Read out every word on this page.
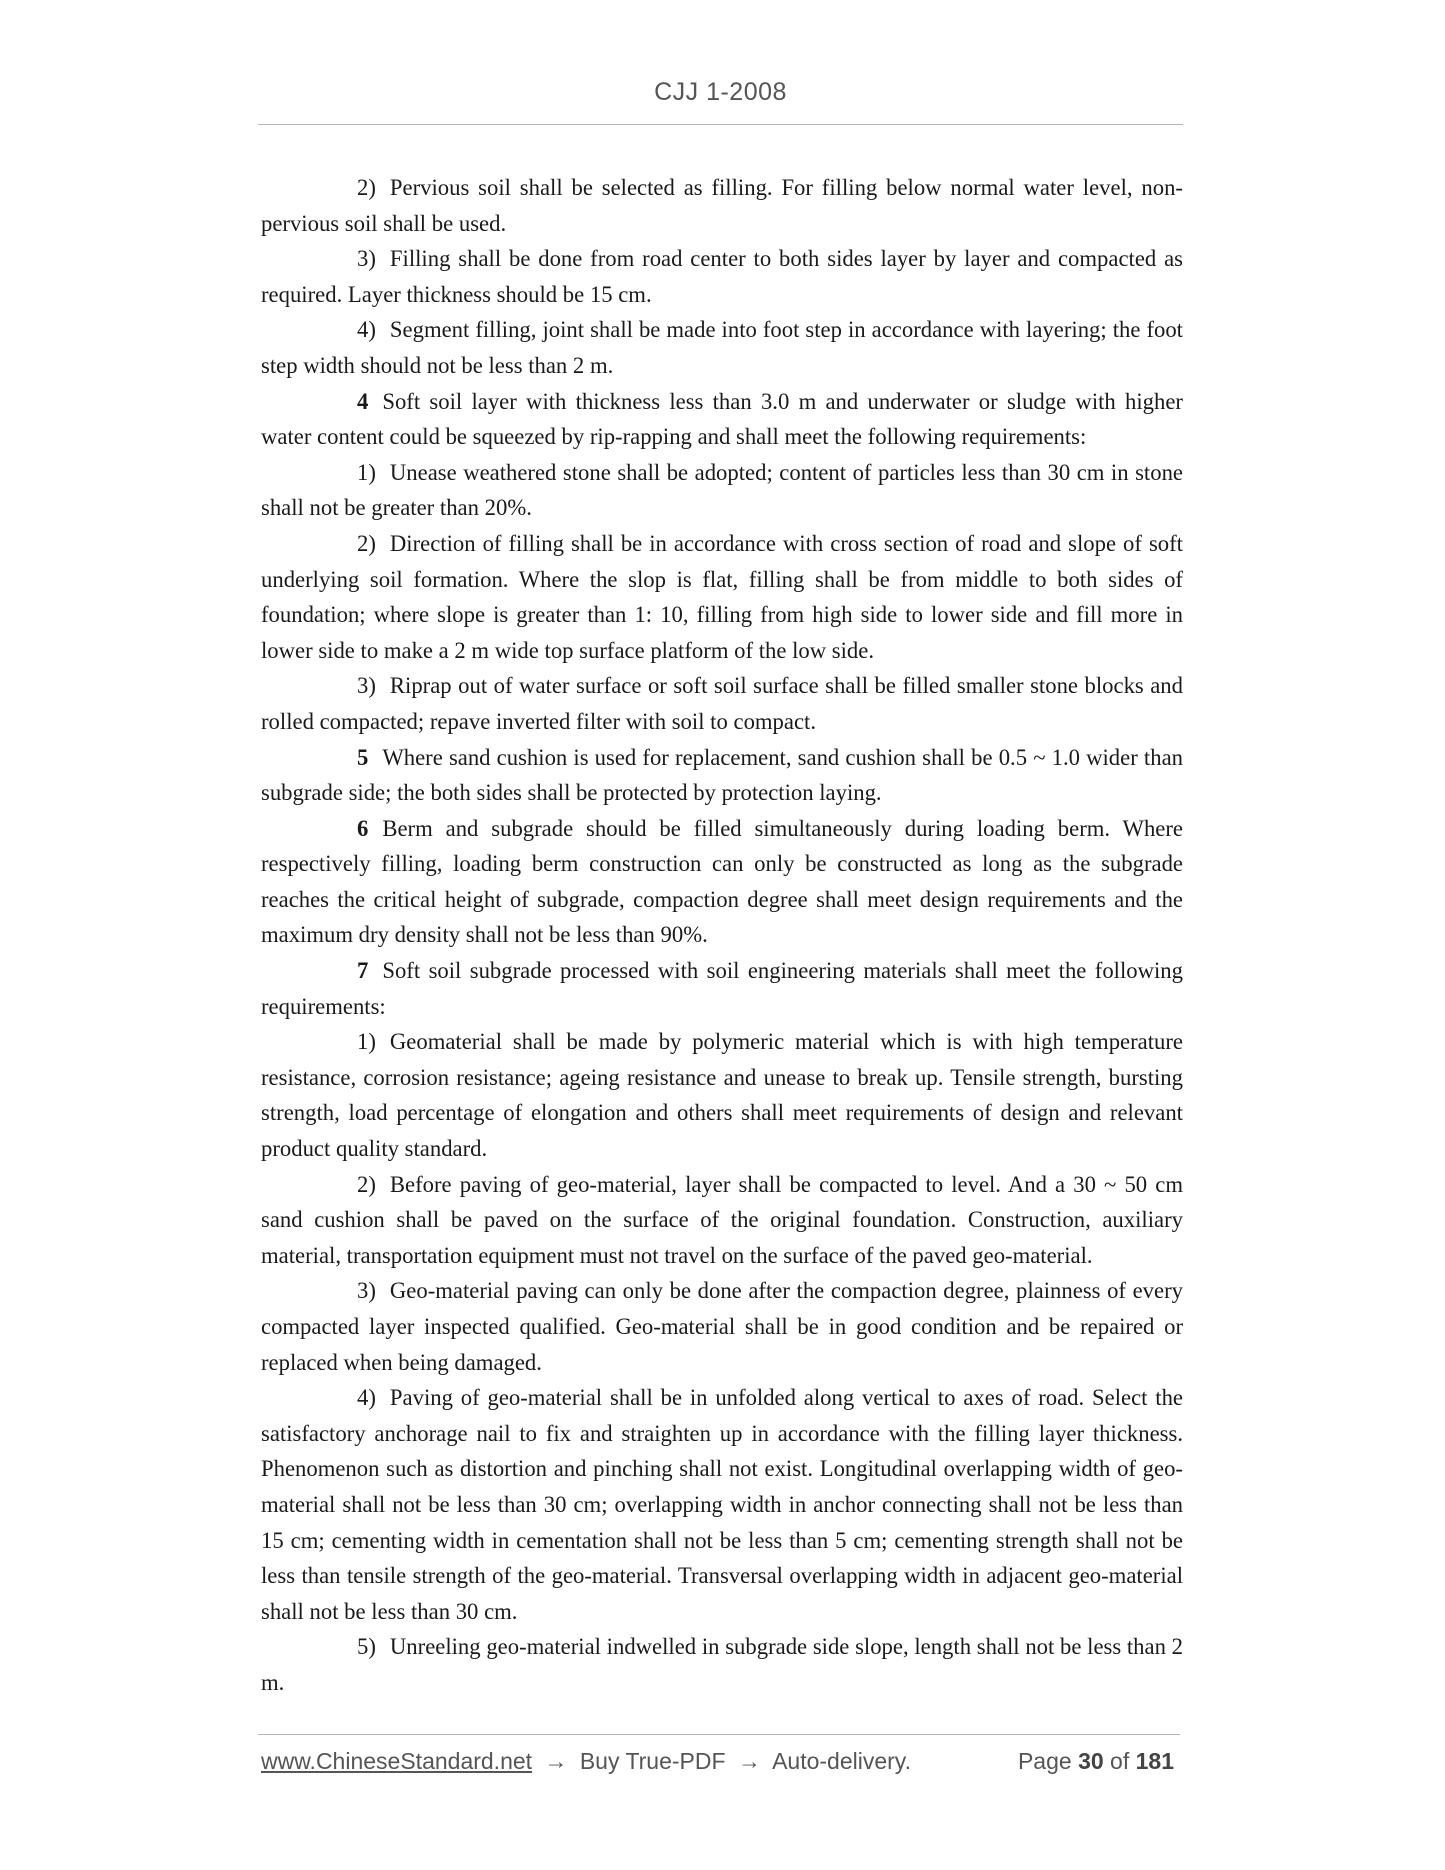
CJJ 1-2008

2) Pervious soil shall be selected as filling. For filling below normal water level, non-pervious soil shall be used.

3) Filling shall be done from road center to both sides layer by layer and compacted as required. Layer thickness should be 15 cm.

4) Segment filling, joint shall be made into foot step in accordance with layering; the foot step width should not be less than 2 m.

4 Soft soil layer with thickness less than 3.0 m and underwater or sludge with higher water content could be squeezed by rip-rapping and shall meet the following requirements:

1) Unease weathered stone shall be adopted; content of particles less than 30 cm in stone shall not be greater than 20%.

2) Direction of filling shall be in accordance with cross section of road and slope of soft underlying soil formation. Where the slop is flat, filling shall be from middle to both sides of foundation; where slope is greater than 1: 10, filling from high side to lower side and fill more in lower side to make a 2 m wide top surface platform of the low side.

3) Riprap out of water surface or soft soil surface shall be filled smaller stone blocks and rolled compacted; repave inverted filter with soil to compact.

5 Where sand cushion is used for replacement, sand cushion shall be 0.5 ~ 1.0 wider than subgrade side; the both sides shall be protected by protection laying.

6 Berm and subgrade should be filled simultaneously during loading berm. Where respectively filling, loading berm construction can only be constructed as long as the subgrade reaches the critical height of subgrade, compaction degree shall meet design requirements and the maximum dry density shall not be less than 90%.

7 Soft soil subgrade processed with soil engineering materials shall meet the following requirements:

1) Geomaterial shall be made by polymeric material which is with high temperature resistance, corrosion resistance; ageing resistance and unease to break up. Tensile strength, bursting strength, load percentage of elongation and others shall meet requirements of design and relevant product quality standard.

2) Before paving of geo-material, layer shall be compacted to level. And a 30 ~ 50 cm sand cushion shall be paved on the surface of the original foundation. Construction, auxiliary material, transportation equipment must not travel on the surface of the paved geo-material.

3) Geo-material paving can only be done after the compaction degree, plainness of every compacted layer inspected qualified. Geo-material shall be in good condition and be repaired or replaced when being damaged.

4) Paving of geo-material shall be in unfolded along vertical to axes of road. Select the satisfactory anchorage nail to fix and straighten up in accordance with the filling layer thickness. Phenomenon such as distortion and pinching shall not exist. Longitudinal overlapping width of geo-material shall not be less than 30 cm; overlapping width in anchor connecting shall not be less than 15 cm; cementing width in cementation shall not be less than 5 cm; cementing strength shall not be less than tensile strength of the geo-material. Transversal overlapping width in adjacent geo-material shall not be less than 30 cm.

5) Unreeling geo-material indwelled in subgrade side slope, length shall not be less than 2 m.

www.ChineseStandard.net → Buy True-PDF → Auto-delivery.	Page 30 of 181
